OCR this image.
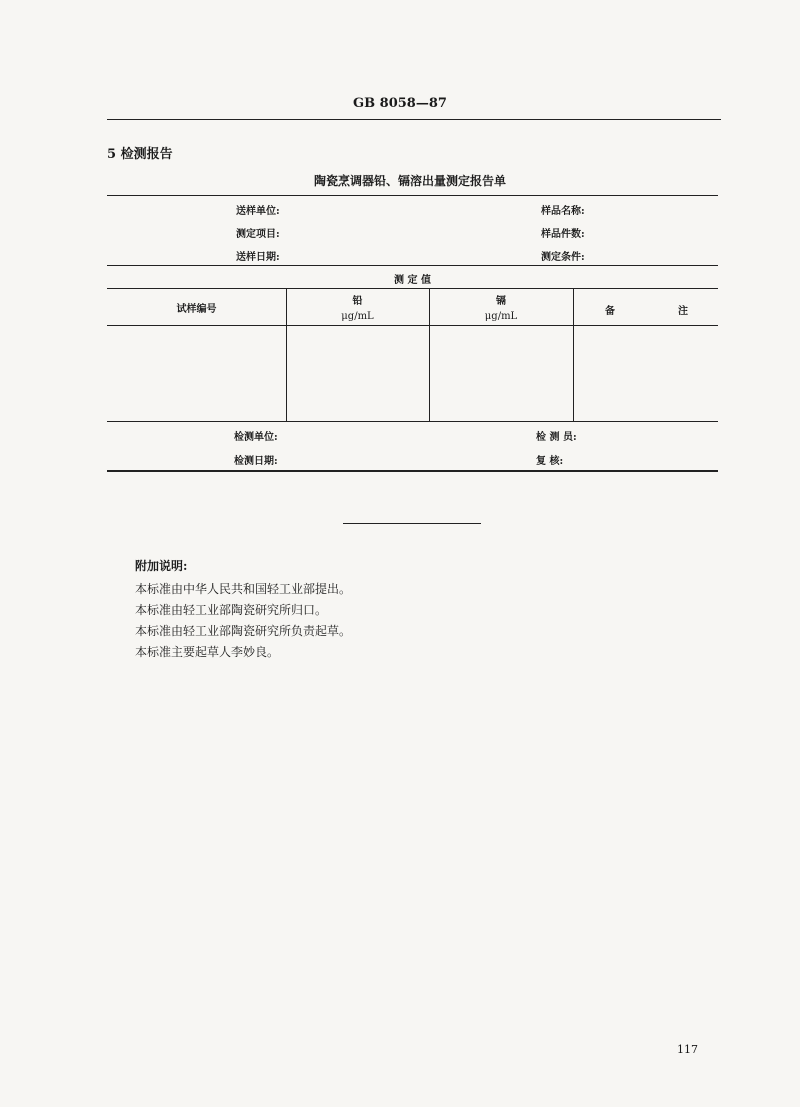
GB 8058—87
5 检测报告
陶瓷烹调器铅、镉溶出量测定报告单
送样单位:
测定项目:
送样日期:
样品名称:
样品件数:
测定条件:
测 定 值
试样编号
铅
μg/mL
镉
μg/mL	备	注
检测单位:
检测日期:
检 测 员:
复 核:
附加说明:
本标准由中华人民共和国轻工业部提出。
本标准由轻工业部陶瓷研究所归口。
本标准由轻工业部陶瓷研究所负责起草。
本标准主要起草人李妙良。
117
